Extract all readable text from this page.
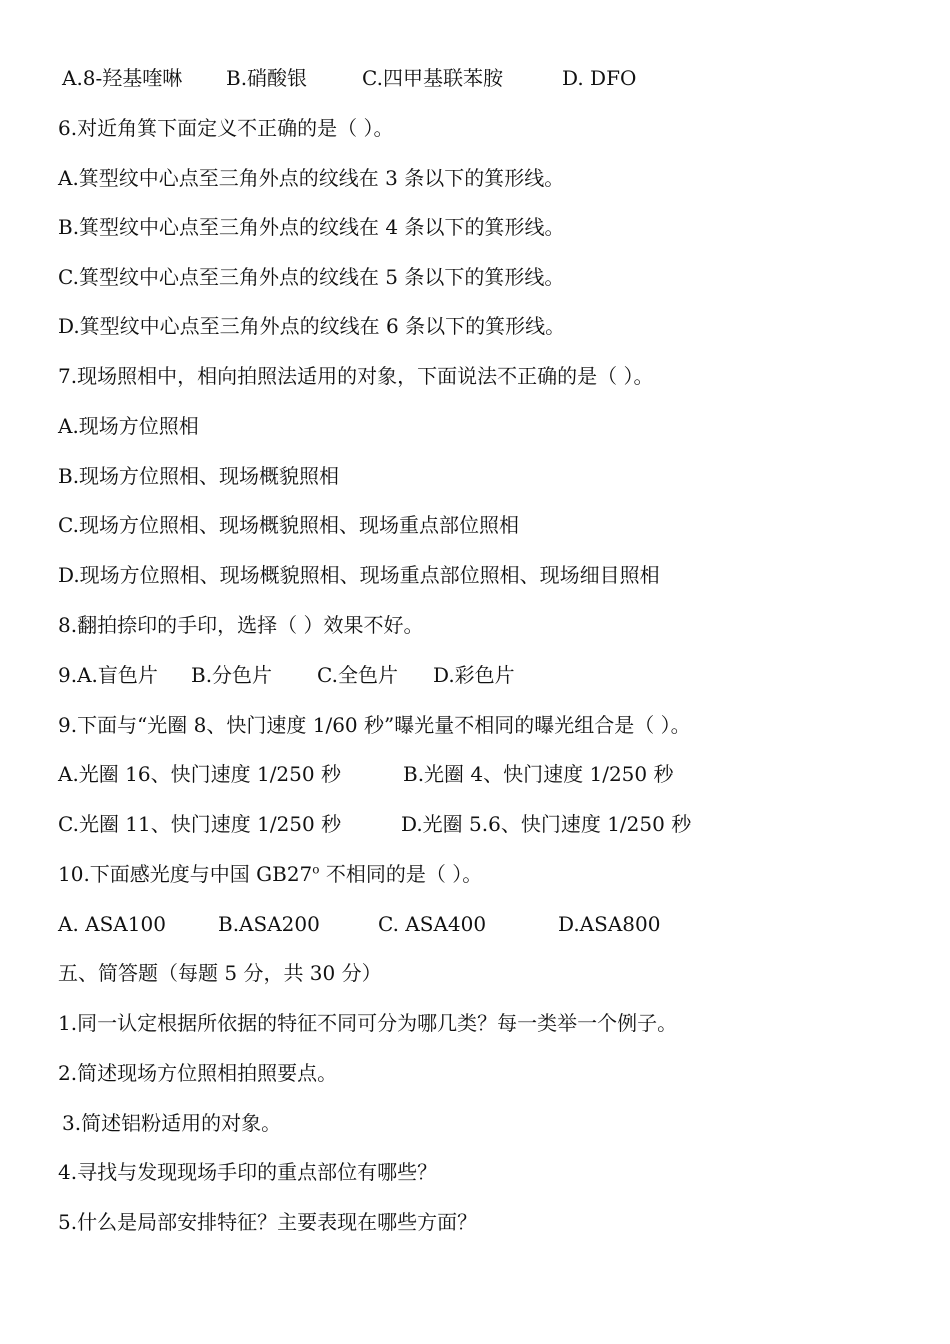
A.8-羟基喹啉 B.硝酸银	C.四甲基联苯胺	D. DFO
6.对近角箕下面定义不正确的是（ ）。
A.箕型纹中心点至三角外点的纹线在 3 条以下的箕形线。
B.箕型纹中心点至三角外点的纹线在 4 条以下的箕形线。
C.箕型纹中心点至三角外点的纹线在 5 条以下的箕形线。
D.箕型纹中心点至三角外点的纹线在 6 条以下的箕形线。
7.现场照相中，相向拍照法适用的对象，下面说法不正确的是（ ）。
A.现场方位照相
B.现场方位照相、现场概貌照相
C.现场方位照相、现场概貌照相、现场重点部位照相
D.现场方位照相、现场概貌照相、现场重点部位照相、现场细目照相
8.翻拍捺印的手印，选择（ ）效果不好。
9.A.盲色片 B.分色片 C.全色片 D.彩色片
9.下面与“光圈 8、快门速度 1/60 秒”曝光量不相同的曝光组合是（ ）。
A.光圈 16、快门速度 1/250 秒	B.光圈 4、快门速度 1/250 秒
C.光圈 11、快门速度 1/250 秒	D.光圈 5.6、快门速度 1/250 秒
10.下面感光度与中国 GB27$^o$ 不相同的是（ ）。
A. ASA100	B.ASA200	C. ASA400	D.ASA800
五、简答题（每题 5 分，共 30 分）
1.同一认定根据所依据的特征不同可分为哪几类？每一类举一个例子。
2.简述现场方位照相拍照要点。
3.简述铝粉适用的对象。
4.寻找与发现现场手印的重点部位有哪些？
5.什么是局部安排特征？主要表现在哪些方面？
